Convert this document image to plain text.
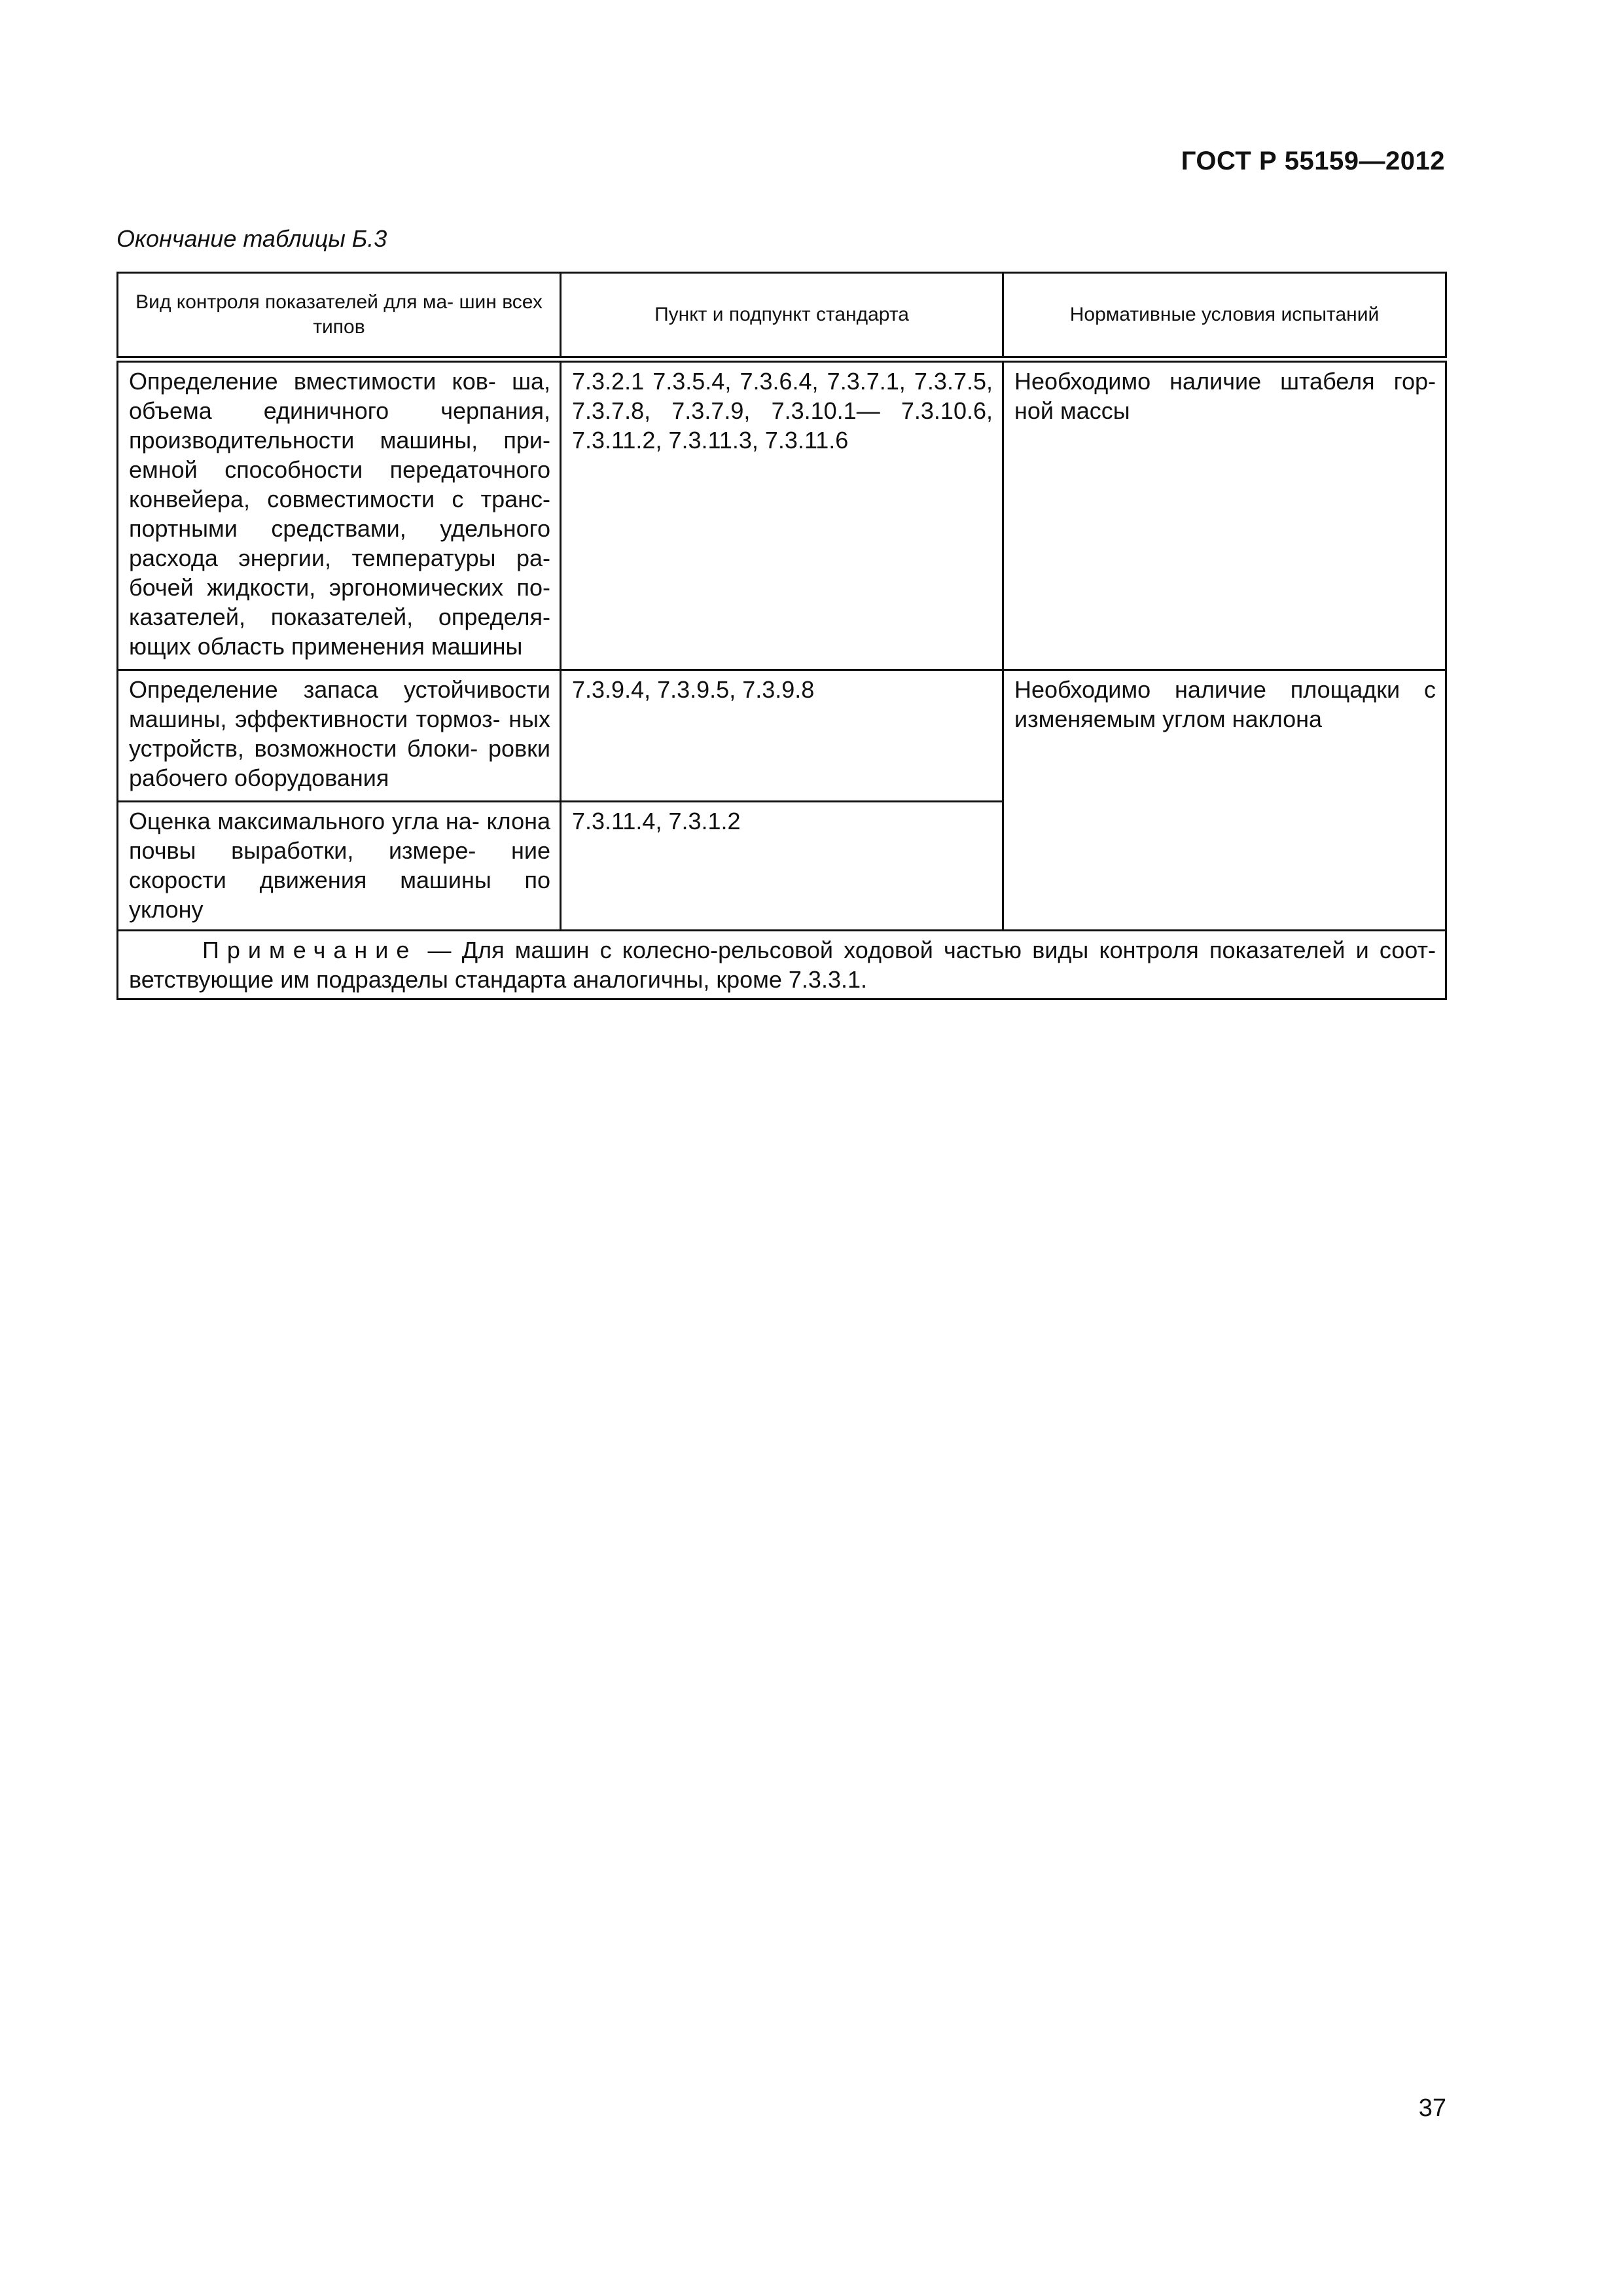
ГОСТ Р 55159—2012
Окончание таблицы Б.3
Вид контроля показателей для ма- шин всех типов	Пункт и подпункт стандарта	Нормативные условия испытаний
Определение вместимости ков- ша, объема единичного черпания, производительности машины, при- емной способности передаточного конвейера, совместимости с транс- портными средствами, удельного расхода энергии, температуры ра- бочей жидкости, эргономических по- казателей, показателей, определя- ющих область применения машины	7.3.2.1 7.3.5.4, 7.3.6.4, 7.3.7.1, 7.3.7.5, 7.3.7.8, 7.3.7.9, 7.3.10.1— 7.3.10.6, 7.3.11.2, 7.3.11.3, 7.3.11.6	Необходимо наличие штабеля гор- ной массы
Определение запаса устойчивости машины, эффективности тормоз- ных устройств, возможности блоки- ровки рабочего оборудования	7.3.9.4, 7.3.9.5, 7.3.9.8	Необходимо наличие площадки с изменяемым углом наклона
Оценка максимального угла на- клона почвы выработки, измере- ние скорости движения машины по уклону	7.3.11.4, 7.3.1.2	
Примечание — Для машин с колесно-рельсовой ходовой частью виды контроля показателей и соот- ветствующие им подразделы стандарта аналогичны, кроме 7.3.3.1.		
37
